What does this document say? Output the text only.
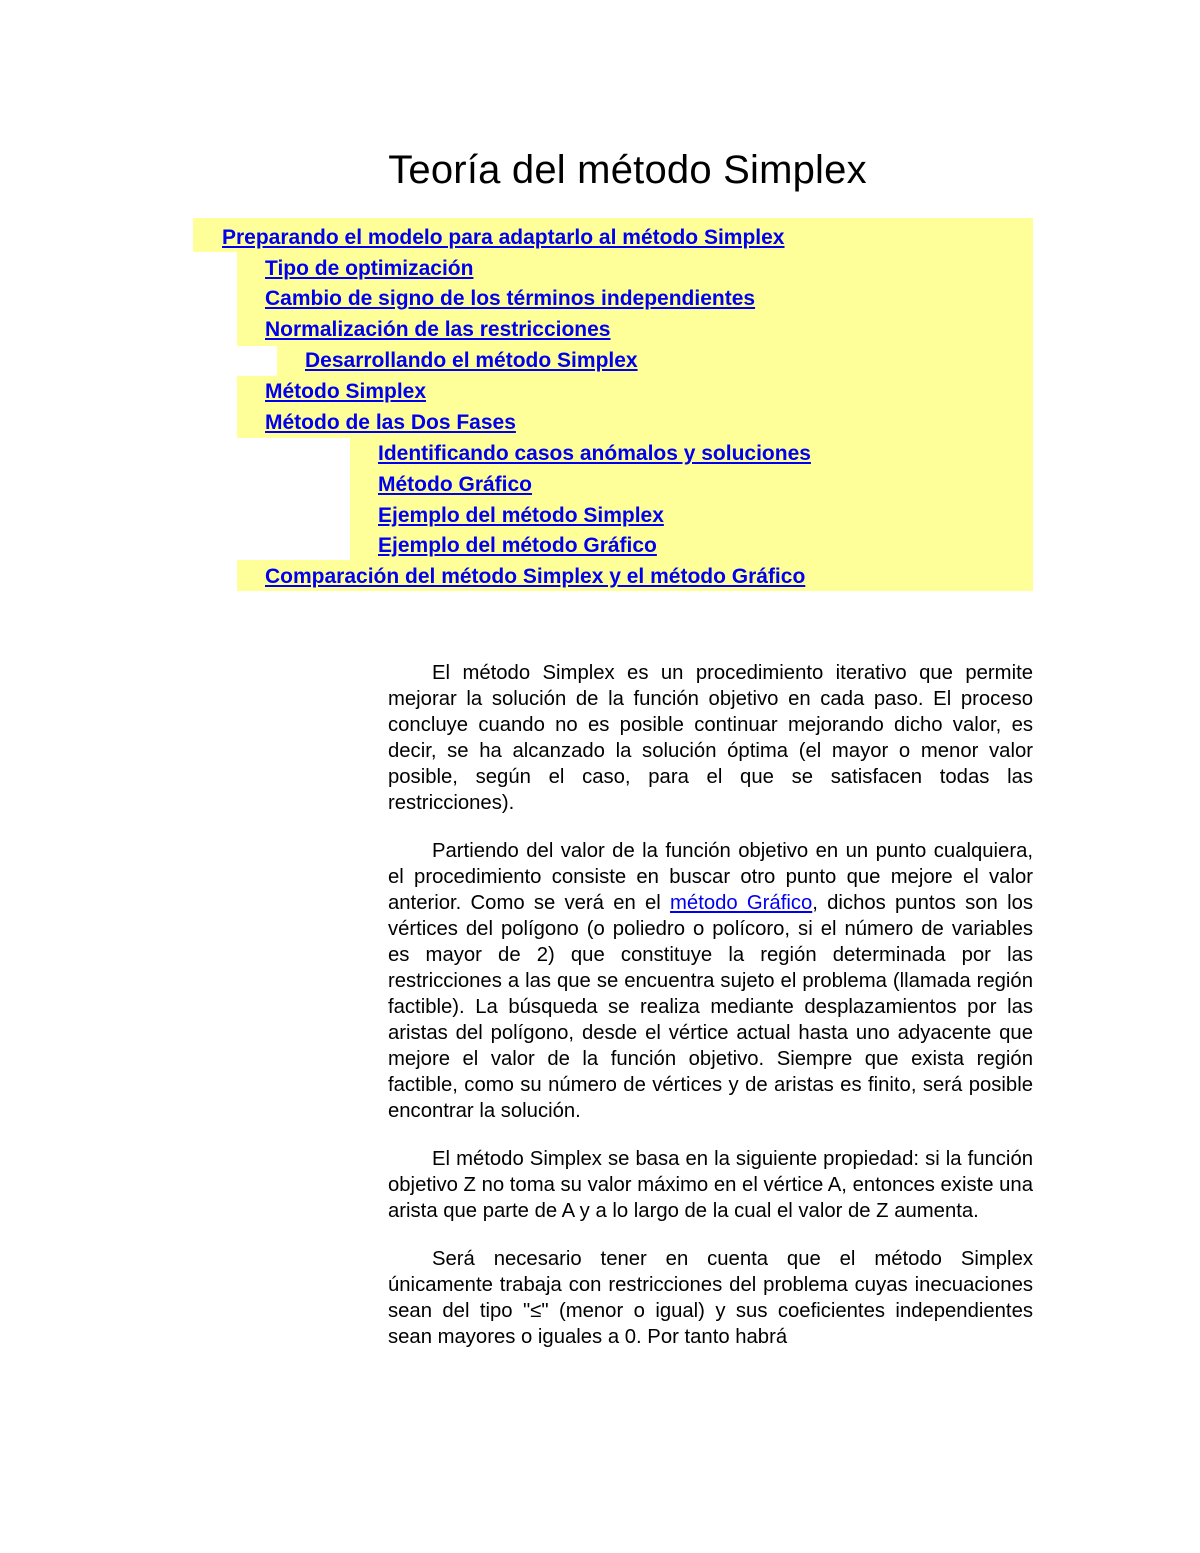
Teoría del método Simplex
Preparando el modelo para adaptarlo al método Simplex
Tipo de optimización
Cambio de signo de los términos independientes
Normalización de las restricciones
Desarrollando el método Simplex
Método Simplex
Método de las Dos Fases
Identificando casos anómalos y soluciones
Método Gráfico
Ejemplo del método Simplex
Ejemplo del método Gráfico
Comparación del método Simplex y el método Gráfico

El método Simplex es un procedimiento iterativo que permite mejorar la solución de la función objetivo en cada paso. El proceso concluye cuando no es posible continuar mejorando dicho valor, es decir, se ha alcanzado la solución óptima (el mayor o menor valor posible, según el caso, para el que se satisfacen todas las restricciones).

Partiendo del valor de la función objetivo en un punto cualquiera, el procedimiento consiste en buscar otro punto que mejore el valor anterior. Como se verá en el método Gráfico, dichos puntos son los vértices del polígono (o poliedro o polícoro, si el número de variables es mayor de 2) que constituye la región determinada por las restricciones a las que se encuentra sujeto el problema (llamada región factible). La búsqueda se realiza mediante desplazamientos por las aristas del polígono, desde el vértice actual hasta uno adyacente que mejore el valor de la función objetivo. Siempre que exista región factible, como su número de vértices y de aristas es finito, será posible encontrar la solución.

El método Simplex se basa en la siguiente propiedad: si la función objetivo Z no toma su valor máximo en el vértice A, entonces existe una arista que parte de A y a lo largo de la cual el valor de Z aumenta.

Será necesario tener en cuenta que el método Simplex únicamente trabaja con restricciones del problema cuyas inecuaciones sean del tipo "≤" (menor o igual) y sus coeficientes independientes sean mayores o iguales a 0. Por tanto habrá
